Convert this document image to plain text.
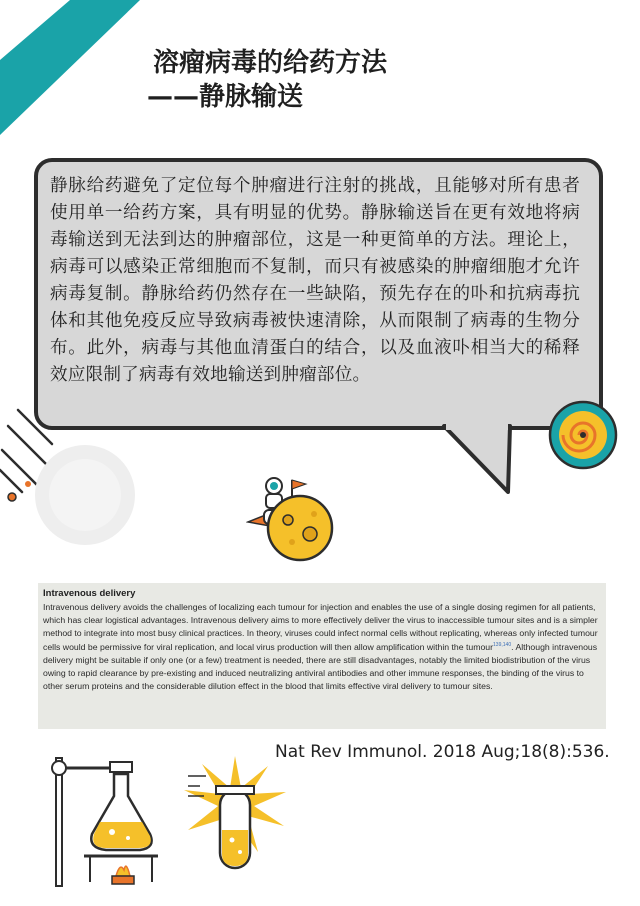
溶瘤病毒的给药方法
——静脉输送
静脉给药避免了定位每个肿瘤进行注射的挑战，且能够对所有患者使用单一给药方案，具有明显的优势。静脉输送旨在更有效地将病毒输送到无法到达的肿瘤部位，这是一种更简单的方法。理论上，病毒可以感染正常细胞而不复制，而只有被感染的肿瘤细胞才允许病毒复制。静脉给药仍然存在一些缺陷，预先存在的卟和抗病毒抗体和其他免疫反应导致病毒被快速清除，从而限制了病毒的生物分布。此外，病毒与其他血清蛋白的结合，以及血液卟相当大的稀释效应限制了病毒有效地输送到肿瘤部位。
Intravenous delivery
Intravenous delivery avoids the challenges of localizing each tumour for injection and enables the use of a single dosing regimen for all patients, which has clear logistical advantages. Intravenous delivery aims to more effectively deliver the virus to inaccessible tumour sites and is a simpler method to integrate into most busy clinical practices. In theory, viruses could infect normal cells without replicating, whereas only infected tumour cells would be permissive for viral replication, and local virus production will then allow amplification within the tumour$^{139,140}$. Although intravenous delivery might be suitable if only one (or a few) treatment is needed, there are still disadvantages, notably the limited biodistribution of the virus owing to rapid clearance by pre-existing and induced neutralizing antiviral antibodies and other immune responses, the binding of the virus to other serum proteins and the considerable dilution effect in the blood that limits effective viral delivery to tumour sites.
Nat Rev Immunol. 2018 Aug;18(8):536.
